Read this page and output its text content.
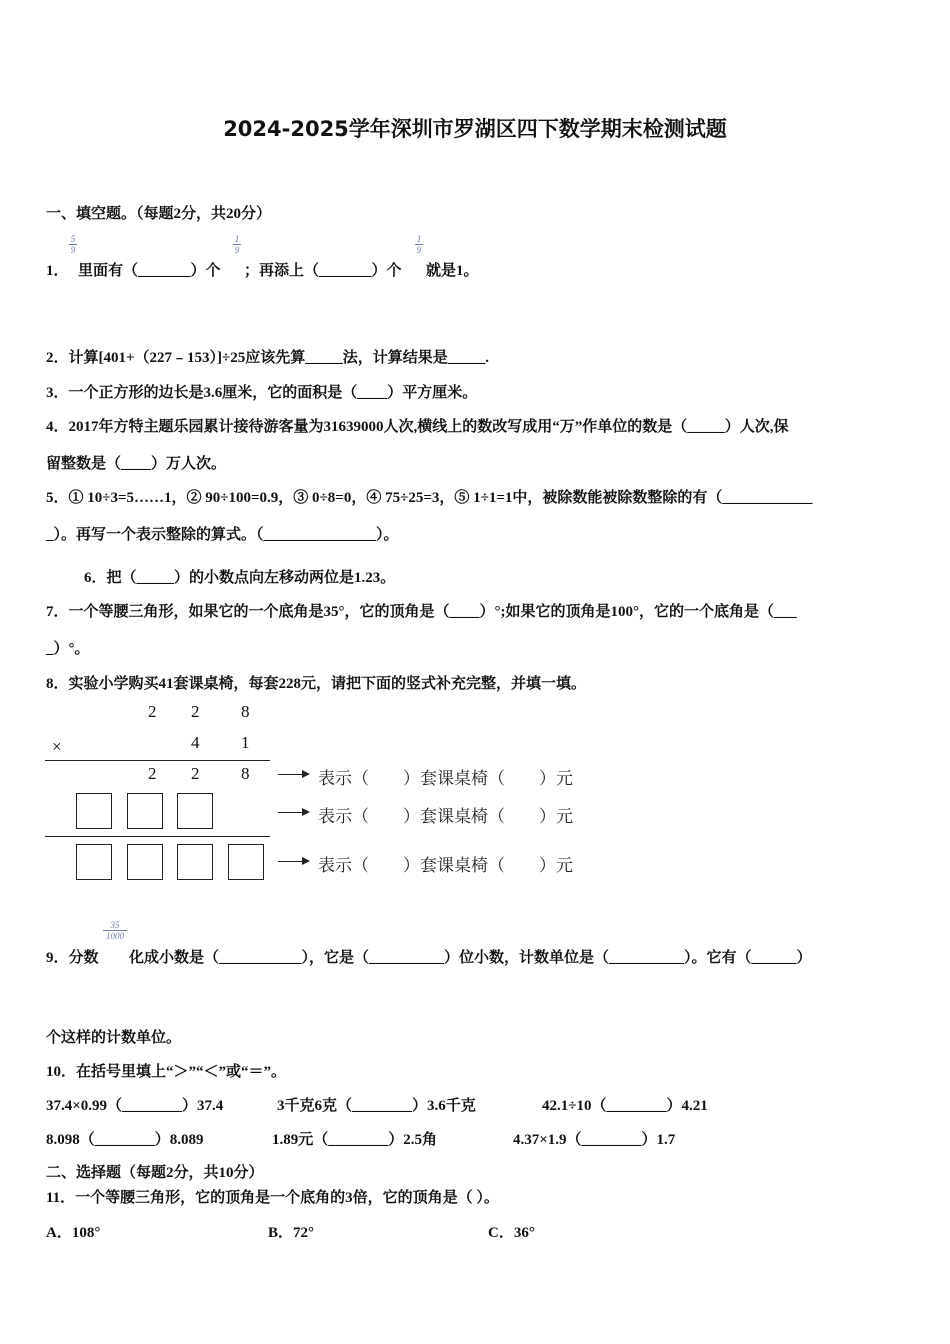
2024-2025学年深圳市罗湖区四下数学期末检测试题
一、填空题。（每题2分，共20分）
1．
5
9
里面有（_______）个
1
9
；再添上（_______）个
1
9
就是1。
2．计算[401+（227﹣153）]÷25应该先算_____法，计算结果是_____.
3．一个正方形的边长是3.6厘米，它的面积是（____）平方厘米。
4．2017年方特主题乐园累计接待游客量为31639000人次,横线上的数改写成用“万”作单位的数是（_____）人次,保
留整数是（____）万人次。
5．① 10÷3=5……1，② 90÷100=0.9，③ 0÷8=0，④ 75÷25=3，⑤ 1÷1=1中，被除数能被除数整除的有（____________
_）。再写一个表示整除的算式。（_______________）。
6．把（_____）的小数点向左移动两位是1.23。
7．一个等腰三角形，如果它的一个底角是35°，它的顶角是（____）°;如果它的顶角是100°，它的一个底角是（___
_）°。
8．实验小学购买41套课桌椅，每套228元，请把下面的竖式补充完整，并填一填。
2 2 8
×	4 1
2 2 8	表示（　　）套课桌椅（　　）元
表示（　　）套课桌椅（　　）元
表示（　　）套课桌椅（　　）元
9．分数
35
1000
化成小数是（___________），它是（__________）位小数，计数单位是（__________）。它有（______）
个这样的计数单位。
10．在括号里填上“＞”“＜”或“＝”。
37.4×0.99（________）37.4	3千克6克（________）3.6千克	42.1÷10（________）4.21
8.098（________）8.089	1.89元（________）2.5角	4.37×1.9（________）1.7
二、选择题（每题2分，共10分）
11．一个等腰三角形，它的顶角是一个底角的3倍，它的顶角是（ ）。
A．108°	B．72°	C．36°
